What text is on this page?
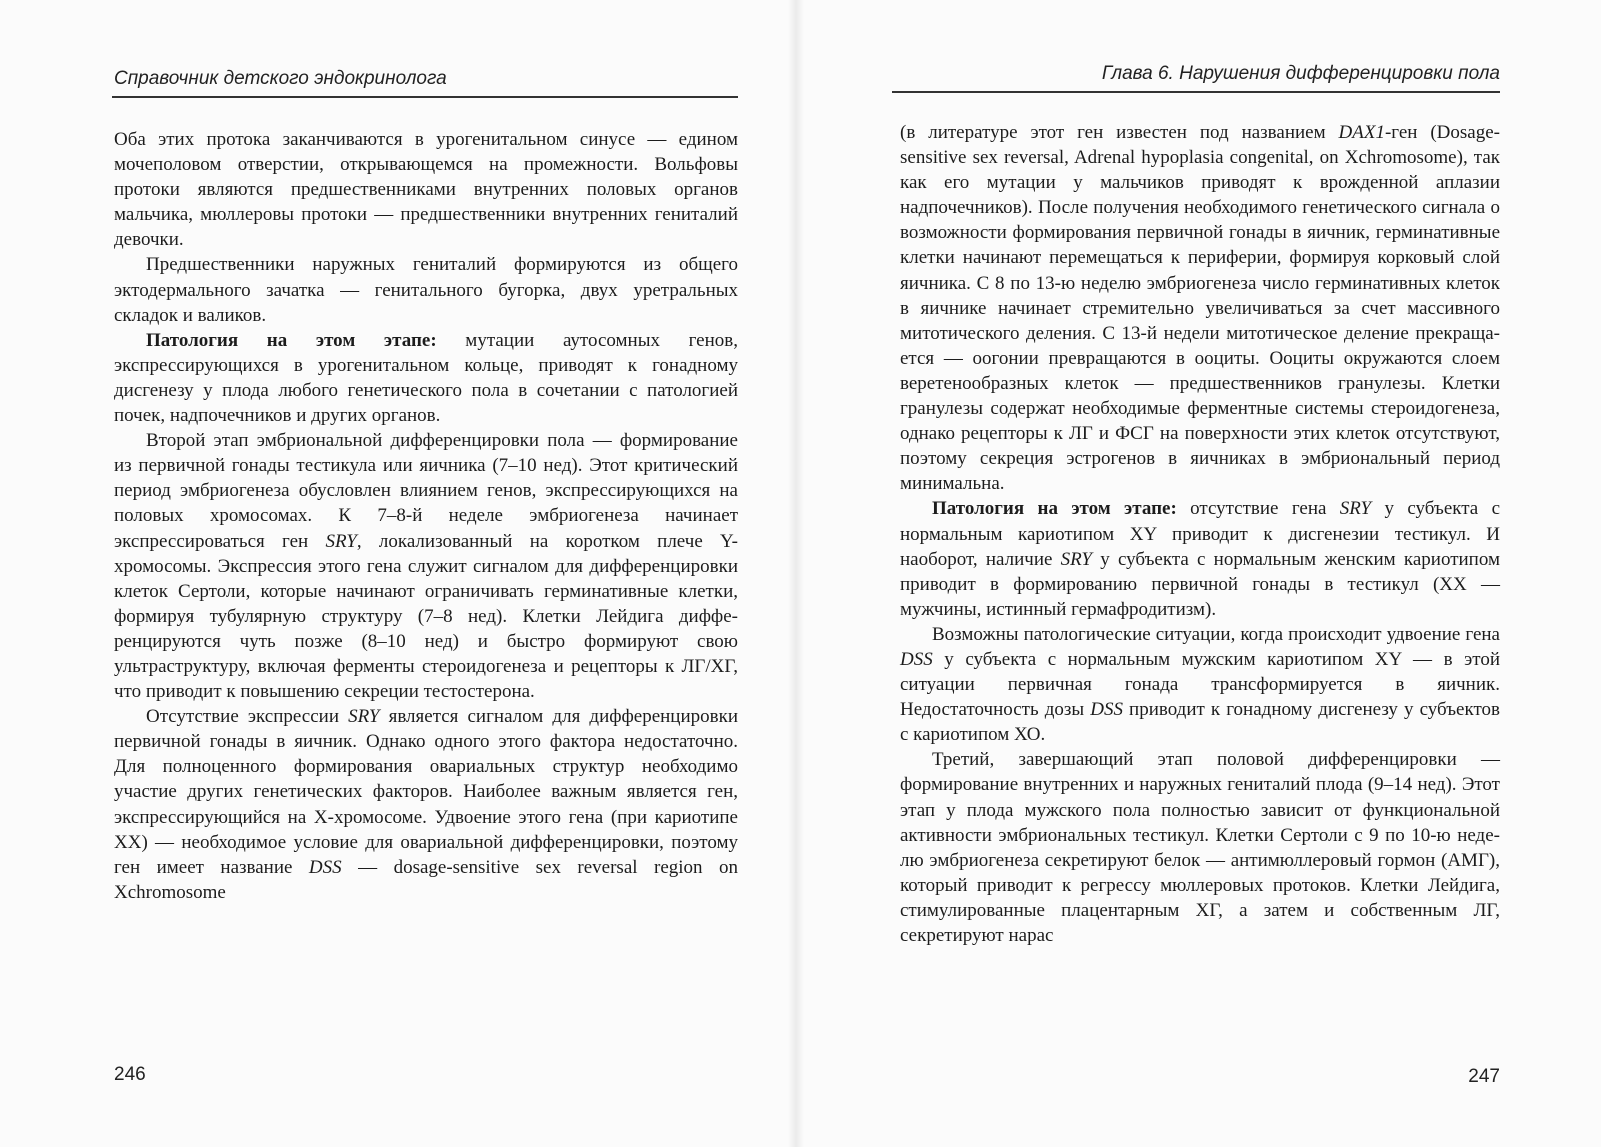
Справочник детского эндокринолога

Оба этих протока заканчиваются в урогенитальном синусе — едином мочеполовом отверстии, открывающемся на промежности. Вольфовы протоки являются предшественниками внутренних половых органов мальчика, мюллеровы протоки — предшественники внутренних гениталий девочки.

Предшественники наружных гениталий формируются из общего эктодермального зачатка — генитального бугорка, двух уретральных складок и валиков.

Патология на этом этапе: мутации аутосомных генов, экспрессирующихся в урогенитальном кольце, приводят к гонадному дисгенезу у плода любого генетического пола в сочетании с патологией почек, надпочечников и других органов.

Второй этап эмбриональной дифференцировки пола — формирование из первичной гонады тестикула или яичника (7–10 нед). Этот критический период эмбриогенеза обусловлен влиянием генов, экспрессирующихся на половых хромосомах. К 7–8-й неделе эмбриогенеза начинает экспрессироваться ген SRY, локализованный на коротком плече Y-хромосомы. Экспрессия этого гена служит сигналом для дифференцировки клеток Сертоли, которые начинают ограничивать герминативные клетки, формируя тубулярную структуру (7–8 нед). Клетки Лейдига дифференцируются чуть позже (8–10 нед) и быстро формируют свою ультраструктуру, включая ферменты стероидогенеза и рецепторы к ЛГ/ХГ, что приводит к повышению секреции тестостерона.

Отсутствие экспрессии SRY является сигналом для дифференцировки первичной гонады в яичник. Однако одного этого фактора недостаточно. Для полноценного формирования овариальных структур необходимо участие других генетических факторов. Наиболее важным является ген, экспрессирующийся на Х-хромосоме. Удвоение этого гена (при кариотипе ХХ) — необходимое условие для овариальной дифференцировки, поэтому ген имеет название DSS — dosage-sensitive sex reversal region on Xchromosome

246
Глава 6. Нарушения дифференцировки пола

(в литературе этот ген известен под названием DAX1-ген (Dosage-sensitive sex reversal, Adrenal hypoplasia congenital, on Xchromosome), так как его мутации у мальчиков приводят к врожденной аплазии надпочечников). После получения необходимого генетического сигнала о возможности формирования первичной гонады в яичник, герминативные клетки начинают перемещаться к периферии, формируя корковый слой яичника. С 8 по 13-ю неделю эмбриогенеза число герминативных клеток в яичнике начинает стремительно увеличиваться за счет массивного митотического деления. С 13-й недели митотическое деление прекращается — оогонии превращаются в ооциты. Ооциты окружаются слоем веретенообразных клеток — предшественников гранулезы. Клетки гранулезы содержат необходимые ферментные системы стероидогенеза, однако рецепторы к ЛГ и ФСГ на поверхности этих клеток отсутствуют, поэтому секреция эстрогенов в яичниках в эмбриональный период минимальна.

Патология на этом этапе: отсутствие гена SRY у субъекта с нормальным кариотипом XY приводит к дисгенезии тестикул. И наоборот, наличие SRY у субъекта с нормальным женским кариотипом приводит в формированию первичной гонады в тестикул (ХХ — мужчины, истинный гермафродитизм).

Возможны патологические ситуации, когда происходит удвоение гена DSS у субъекта с нормальным мужским кариотипом XY — в этой ситуации первичная гонада трансформируется в яичник. Недостаточность дозы DSS приводит к гонадному дисгенезу у субъектов с кариотипом ХО.

Третий, завершающий этап половой дифференцировки — формирование внутренних и наружных гениталий плода (9–14 нед). Этот этап у плода мужского пола полностью зависит от функциональной активности эмбриональных тестикул. Клетки Сертоли с 9 по 10-ю неделю эмбриогенеза секретируют белок — антимюллеровый гормон (АМГ), который приводит к регрессу мюллеровых протоков. Клетки Лейдига, стимулированные плацентарным ХГ, а затем и собственным ЛГ, секретируют нарас

247
